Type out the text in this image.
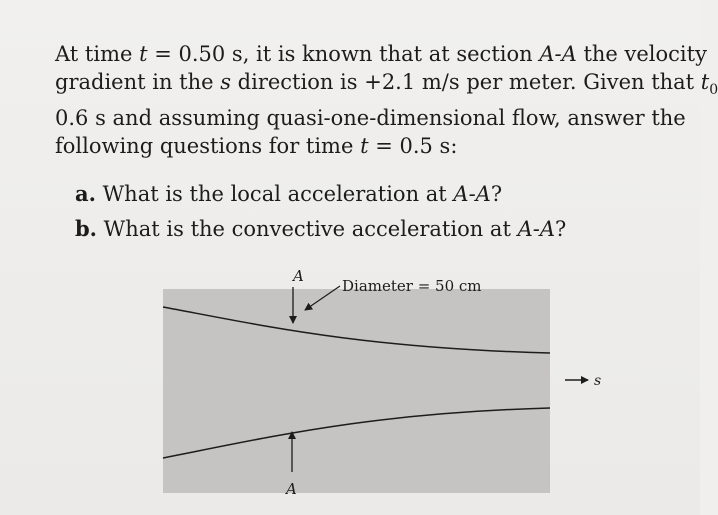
At time t = 0.50 s, it is known that at section A-A the velocity
gradient in the s direction is +2.1 m/s per meter. Given that $t_0$
0.6 s and assuming quasi-one-dimensional flow, answer the
following questions for time t = 0.5 s:

a. What is the local acceleration at A-A?
b. What is the convective acceleration at A-A?
A
Diameter = 50 cm
A
s
